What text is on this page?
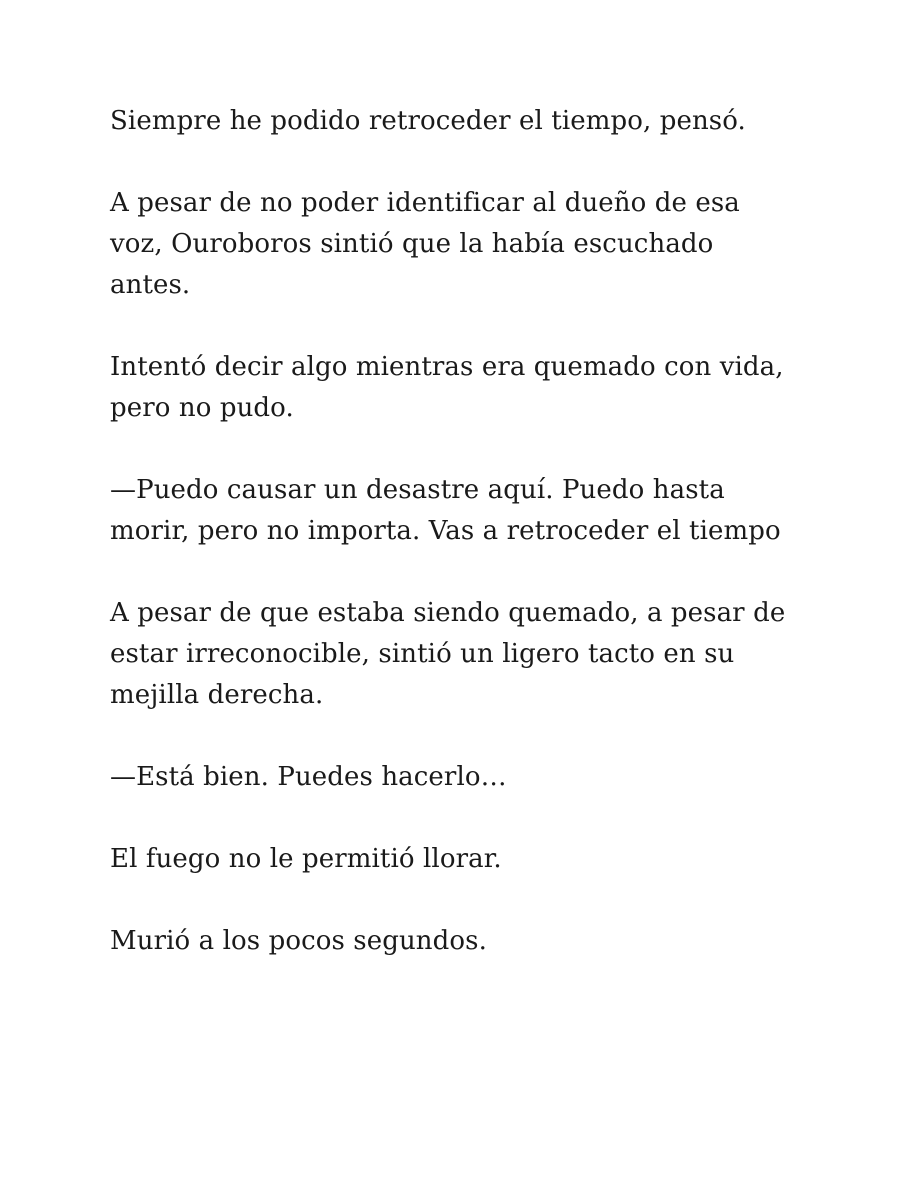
Siempre he podido retroceder el tiempo, pensó.

A pesar de no poder identificar al dueño de esa voz, Ouroboros sintió que la había escuchado antes.

Intentó decir algo mientras era quemado con vida, pero no pudo.

—Puedo causar un desastre aquí. Puedo hasta morir, pero no importa. Vas a retroceder el tiempo

A pesar de que estaba siendo quemado, a pesar de estar irreconocible, sintió un ligero tacto en su mejilla derecha.

—Está bien. Puedes hacerlo…

El fuego no le permitió llorar.

Murió a los pocos segundos.
